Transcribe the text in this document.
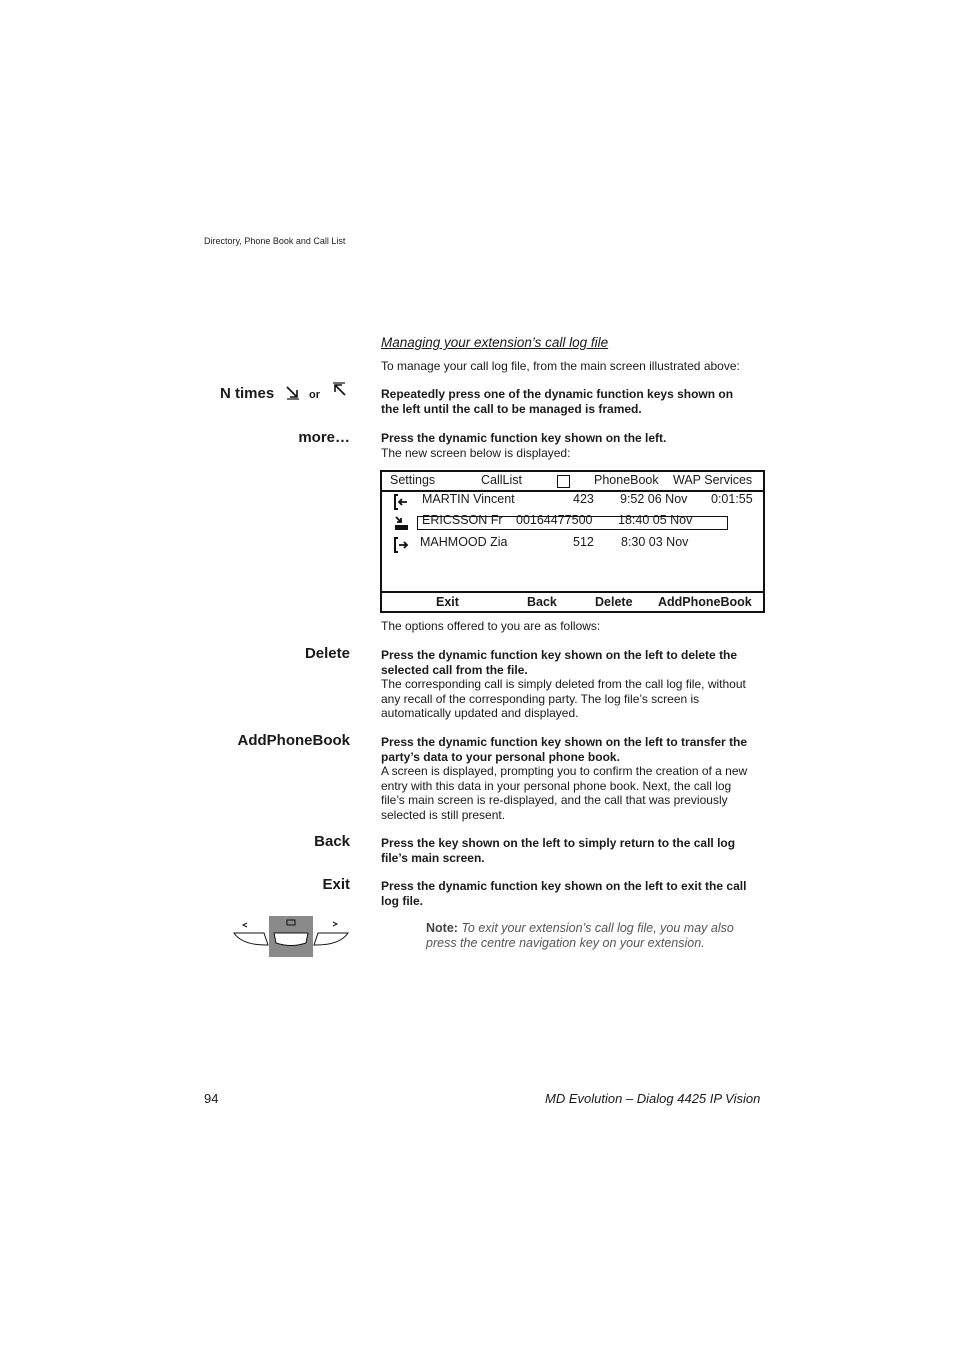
Directory, Phone Book and Call List
Managing your extension’s call log file
To manage your call log file, from the main screen illustrated above:
N times	or	Repeatedly press one of the dynamic function keys shown on the left until the call to be managed is framed.
more…	Press the dynamic function key shown on the left.
The new screen below is displayed:
Settings	CallList	PhoneBook WAP Services
MARTIN Vincent	423 9:52 06 Nov 0:01:55
ERICSSON Fr 00164477500 18:40 05 Nov
MAHMOOD Zia	512 8:30 03 Nov
Exit	Back	Delete AddPhoneBook
The options offered to you are as follows:
Delete	Press the dynamic function key shown on the left to delete the selected call from the file.
The corresponding call is simply deleted from the call log file, without any recall of the corresponding party. The log file’s screen is automatically updated and displayed.
AddPhoneBook	Press the dynamic function key shown on the left to transfer the party’s data to your personal phone book.
A screen is displayed, prompting you to confirm the creation of a new entry with this data in your personal phone book. Next, the call log file’s main screen is re-displayed, and the call that was previously selected is still present.
Back	Press the key shown on the left to simply return to the call log file’s main screen.
Exit	Press the dynamic function key shown on the left to exit the call log file.
Note: To exit your extension’s call log file, you may also press the centre navigation key on your extension.
94	MD Evolution – Dialog 4425 IP Vision
